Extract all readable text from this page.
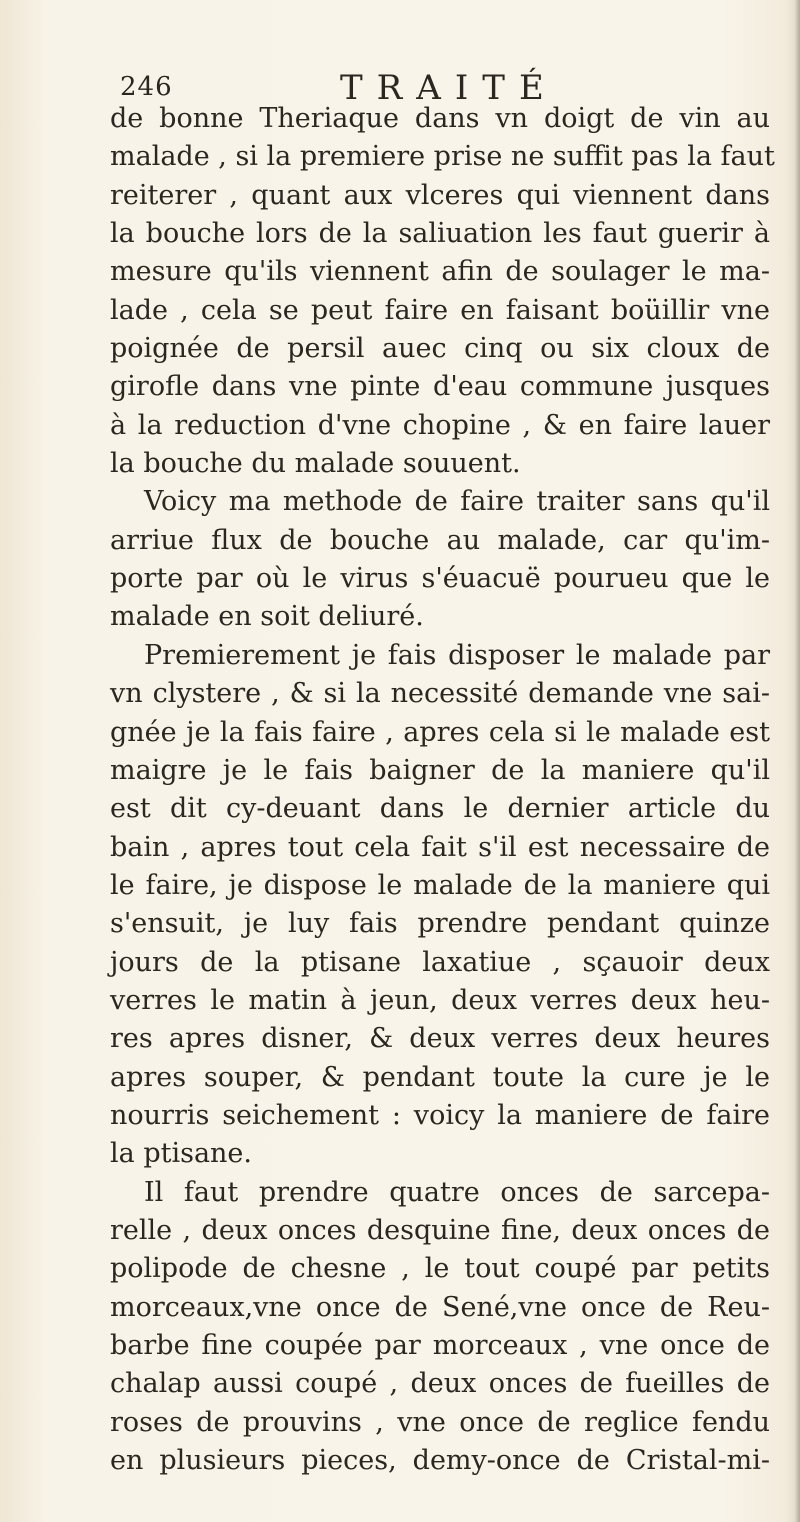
246	TRAITÉ
de bonne Theriaque dans vn doigt de vin au
malade , si la premiere prise ne suffit pas la faut
reiterer , quant aux vlceres qui viennent dans
la bouche lors de la saliuation les faut guerir à
mesure qu'ils viennent afin de soulager le ma-
lade , cela se peut faire en faisant boüillir vne
poignée de persil auec cinq ou six cloux de
girofle dans vne pinte d'eau commune jusques
à la reduction d'vne chopine , & en faire lauer
la bouche du malade souuent.
Voicy ma methode de faire traiter sans qu'il
arriue flux de bouche au malade, car qu'im-
porte par où le virus s'éuacuë pourueu que le
malade en soit deliuré.
Premierement je fais disposer le malade par
vn clystere , & si la necessité demande vne sai-
gnée je la fais faire , apres cela si le malade est
maigre je le fais baigner de la maniere qu'il
est dit cy-deuant dans le dernier article du
bain , apres tout cela fait s'il est necessaire de
le faire, je dispose le malade de la maniere qui
s'ensuit, je luy fais prendre pendant quinze
jours de la ptisane laxatiue , sçauoir deux
verres le matin à jeun, deux verres deux heu-
res apres disner, & deux verres deux heures
apres souper, & pendant toute la cure je le
nourris seichement : voicy la maniere de faire
la ptisane.
Il faut prendre quatre onces de sarcepa-
relle , deux onces desquine fine, deux onces de
polipode de chesne , le tout coupé par petits
morceaux,vne once de Sené,vne once de Reu-
barbe fine coupée par morceaux , vne once de
chalap aussi coupé , deux onces de fueilles de
roses de prouvins , vne once de reglice fendu
en plusieurs pieces, demy-once de Cristal-mi-
